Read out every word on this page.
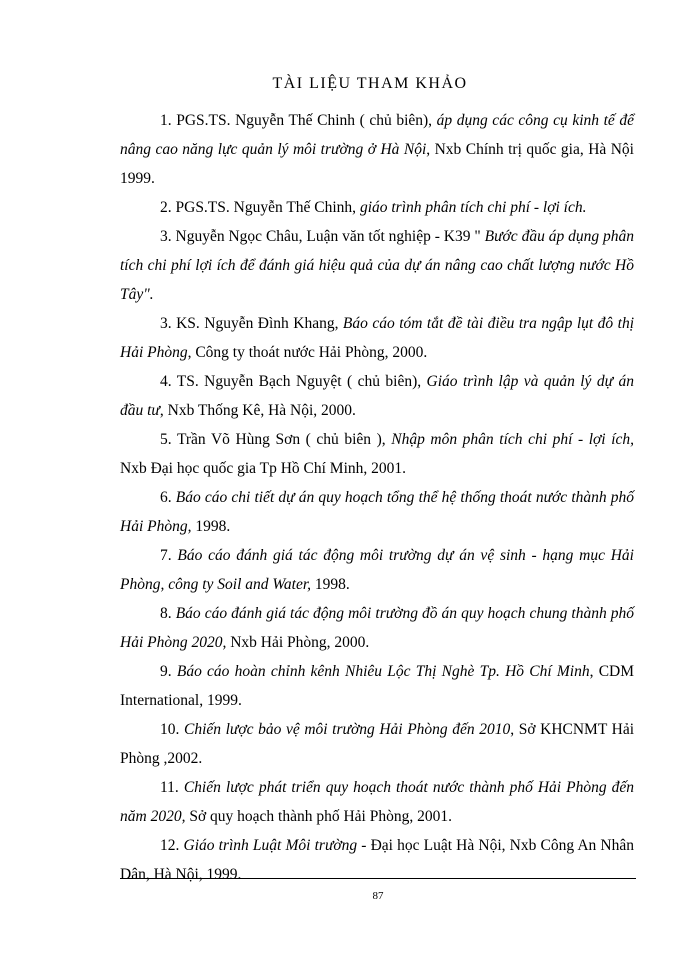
TÀI LIỆU THAM KHẢO

1. PGS.TS. Nguyễn Thế Chinh ( chủ biên), áp dụng các công cụ kinh tế để nâng cao năng lực quản lý môi trường ở Hà Nội, Nxb Chính trị quốc gia, Hà Nội 1999.

2. PGS.TS. Nguyễn Thế Chinh, giáo trình phân tích chi phí - lợi ích.

3. Nguyễn Ngọc Châu, Luận văn tốt nghiệp - K39 " Bước đầu áp dụng phân tích chi phí lợi ích để đánh giá hiệu quả của dự án nâng cao chất lượng nước Hồ Tây".

3. KS. Nguyễn Đình Khang, Báo cáo tóm tắt đề tài điều tra ngập lụt đô thị Hải Phòng, Công ty thoát nước Hải Phòng, 2000.

4. TS. Nguyễn Bạch Nguyệt ( chủ biên), Giáo trình lập và quản lý dự án đầu tư, Nxb Thống Kê, Hà Nội, 2000.

5. Trần Võ Hùng Sơn ( chủ biên ), Nhập môn phân tích chi phí - lợi ích, Nxb Đại học quốc gia Tp Hồ Chí Minh, 2001.

6. Báo cáo chi tiết dự án quy hoạch tổng thể hệ thống thoát nước thành phố Hải Phòng, 1998.

7. Báo cáo đánh giá tác động môi trường dự án vệ sinh - hạng mục Hải Phòng, công ty Soil and Water, 1998.

8. Báo cáo đánh giá tác động môi trường đồ án quy hoạch chung thành phố Hải Phòng 2020, Nxb Hải Phòng, 2000.

9. Báo cáo hoàn chỉnh kênh Nhiêu Lộc Thị Nghè Tp. Hồ Chí Minh, CDM International, 1999.

10. Chiến lược bảo vệ môi trường Hải Phòng đến 2010, Sở KHCNMT Hải Phòng ,2002.

11. Chiến lược phát triển quy hoạch thoát nước thành phố Hải Phòng đến năm 2020, Sở quy hoạch thành phố Hải Phòng, 2001.

12. Giáo trình Luật Môi trường - Đại học Luật Hà Nội, Nxb Công An Nhân Dân, Hà Nội, 1999.

87
